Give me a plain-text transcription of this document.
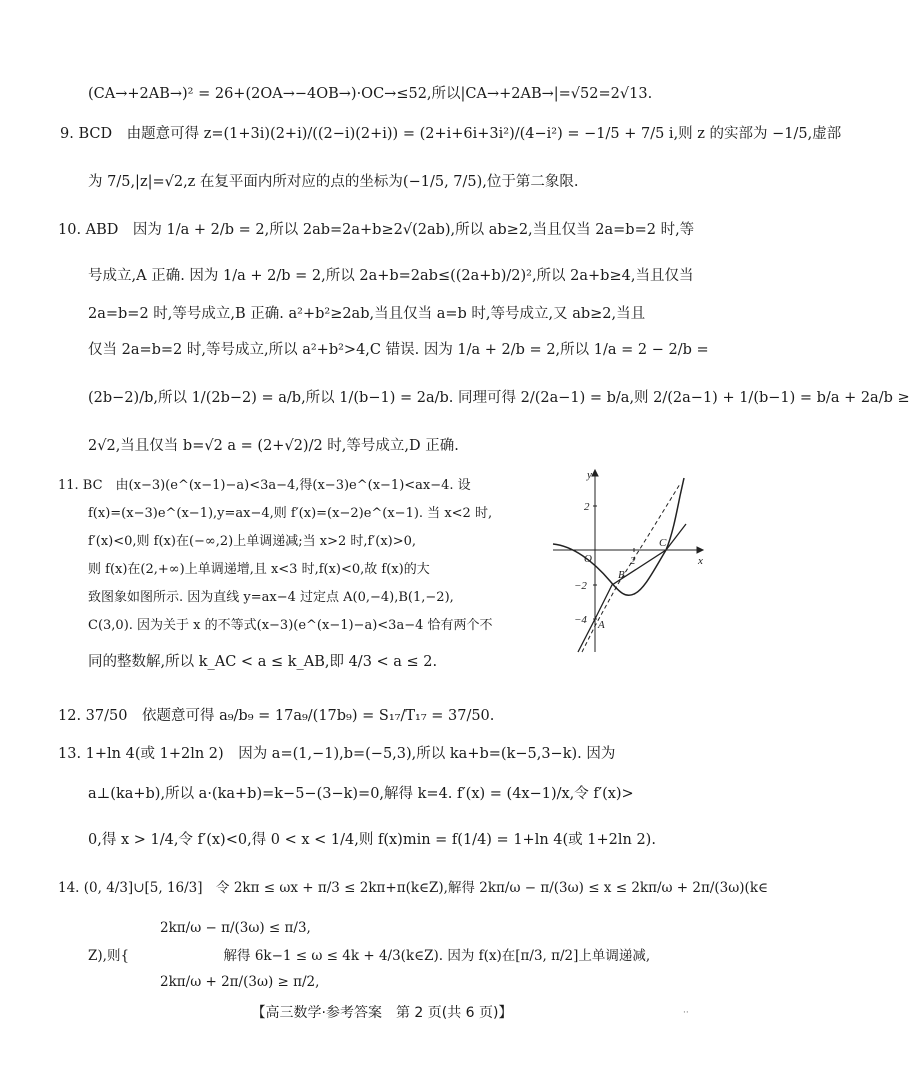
(CA→+2AB→)² = 26+(2OA→−4OB→)·OC→≤52,所以|CA→+2AB→|=√52=2√13.
9. BCD　由题意可得 z=(1+3i)(2+i)/((2−i)(2+i)) = (2+i+6i+3i²)/(4−i²) = −1/5 + 7/5 i,则 z 的实部为 −1/5,虚部
为 7/5,|z|=√2,z 在复平面内所对应的点的坐标为(−1/5, 7/5),位于第二象限.
10. ABD　因为 1/a + 2/b = 2,所以 2ab=2a+b≥2√(2ab),所以 ab≥2,当且仅当 2a=b=2 时,等
号成立,A 正确. 因为 1/a + 2/b = 2,所以 2a+b=2ab≤((2a+b)/2)²,所以 2a+b≥4,当且仅当
2a=b=2 时,等号成立,B 正确. a²+b²≥2ab,当且仅当 a=b 时,等号成立,又 ab≥2,当且
仅当 2a=b=2 时,等号成立,所以 a²+b²>4,C 错误. 因为 1/a + 2/b = 2,所以 1/a = 2 − 2/b =
(2b−2)/b,所以 1/(2b−2) = a/b,所以 1/(b−1) = 2a/b. 同理可得 2/(2a−1) = b/a,则 2/(2a−1) + 1/(b−1) = b/a + 2a/b ≥
2√2,当且仅当 b=√2 a = (2+√2)/2 时,等号成立,D 正确.
11. BC　由(x−3)(e^(x−1)−a)<3a−4,得(x−3)e^(x−1)<ax−4. 设
f(x)=(x−3)e^(x−1),y=ax−4,则 f′(x)=(x−2)e^(x−1). 当 x<2 时,
f′(x)<0,则 f(x)在(−∞,2)上单调递减;当 x>2 时,f′(x)>0,
则 f(x)在(2,+∞)上单调递增,且 x<3 时,f(x)<0,故 f(x)的大
致图象如图所示. 因为直线 y=ax−4 过定点 A(0,−4),B(1,−2),
C(3,0). 因为关于 x 的不等式(x−3)(e^(x−1)−a)<3a−4 恰有两个不
同的整数解,所以 k_AC < a ≤ k_AB,即 4/3 < a ≤ 2.
12. 37/50　依题意可得 a₉/b₉ = 17a₉/(17b₉) = S₁₇/T₁₇ = 37/50.
13. 1+ln 4(或 1+2ln 2)　因为 a=(1,−1),b=(−5,3),所以 ka+b=(k−5,3−k). 因为
a⊥(ka+b),所以 a·(ka+b)=k−5−(3−k)=0,解得 k=4. f′(x) = (4x−1)/x,令 f′(x)>
0,得 x > 1/4,令 f′(x)<0,得 0 < x < 1/4,则 f(x)min = f(1/4) = 1+ln 4(或 1+2ln 2).
14. (0, 4/3]∪[5, 16/3]　令 2kπ ≤ ωx + π/3 ≤ 2kπ+π(k∈Z),解得 2kπ/ω − π/(3ω) ≤ x ≤ 2kπ/ω + 2π/(3ω)(k∈
2kπ/ω − π/(3ω) ≤ π/3,
Z),则{　　　　　　　解得 6k−1 ≤ ω ≤ 4k + 4/3(k∈Z). 因为 f(x)在[π/3, π/2]上单调递减,
2kπ/ω + 2π/(3ω) ≥ π/2,
y
x
O
2
−2
−4
2
A
B
C
【高三数学·参考答案　第 2 页(共 6 页)】	··
